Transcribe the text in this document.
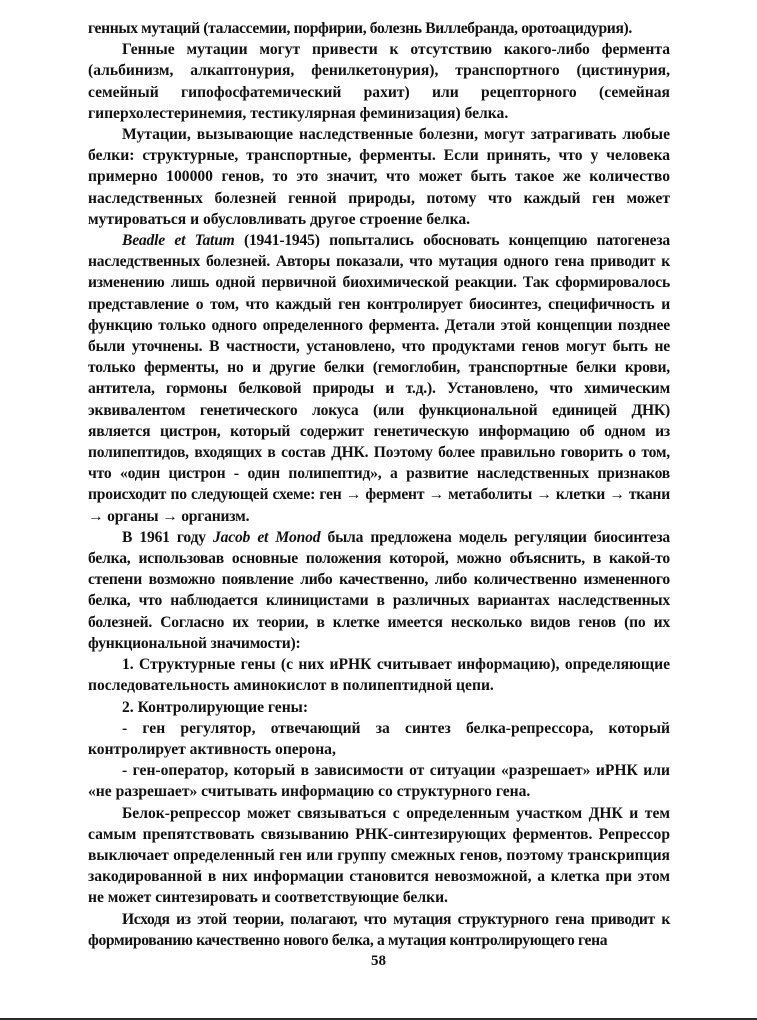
генных мутаций (талассемии, порфирии, болезнь Виллебранда, оротоацидурия).

Генные мутации могут привести к отсутствию какого-либо фермента (альбинизм, алкаптонурия, фенилкетонурия), транспортного (цистинурия, семейный гипофосфатемический рахит) или рецепторного (семейная гиперхолестеринемия, тестикулярная феминизация) белка.

Мутации, вызывающие наследственные болезни, могут затрагивать любые белки: структурные, транспортные, ферменты. Если принять, что у человека примерно 100000 генов, то это значит, что может быть такое же количество наследственных болезней генной природы, потому что каждый ген может мутироваться и обусловливать другое строение белка.

Beadle et Tatum (1941-1945) попытались обосновать концепцию патогенеза наследственных болезней. Авторы показали, что мутация одного гена приводит к изменению лишь одной первичной биохимической реакции. Так сформировалось представление о том, что каждый ген контролирует биосинтез, специфичность и функцию только одного определенного фермента. Детали этой концепции позднее были уточнены. В частности, установлено, что продуктами генов могут быть не только ферменты, но и другие белки (гемоглобин, транспортные белки крови, антитела, гормоны белковой природы и т.д.). Установлено, что химическим эквивалентом генетического локуса (или функциональной единицей ДНК) является цистрон, который содержит генетическую информацию об одном из полипептидов, входящих в состав ДНК. Поэтому более правильно говорить о том, что «один цистрон - один полипептид», а развитие наследственных признаков происходит по следующей схеме: ген → фермент → метаболиты → клетки → ткани → органы → организм.

В 1961 году Jacob et Monod была предложена модель регуляции биосинтеза белка, использовав основные положения которой, можно объяснить, в какой-то степени возможно появление либо качественно, либо количественно измененного белка, что наблюдается клиницистами в различных вариантах наследственных болезней. Согласно их теории, в клетке имеется несколько видов генов (по их функциональной значимости):

1. Структурные гены (с них иРНК считывает информацию), определяющие последовательность аминокислот в полипептидной цепи.

2. Контролирующие гены:

- ген регулятор, отвечающий за синтез белка-репрессора, который контролирует активность оперона,

- ген-оператор, который в зависимости от ситуации «разрешает» иРНК или «не разрешает» считывать информацию со структурного гена.

Белок-репрессор может связываться с определенным участком ДНК и тем самым препятствовать связыванию РНК-синтезирующих ферментов. Репрессор выключает определенный ген или группу смежных генов, поэтому транскрипция закодированной в них информации становится невозможной, а клетка при этом не может синтезировать и соответствующие белки.

Исходя из этой теории, полагают, что мутация структурного гена приводит к формированию качественно нового белка, а мутация контролирующего гена

58
